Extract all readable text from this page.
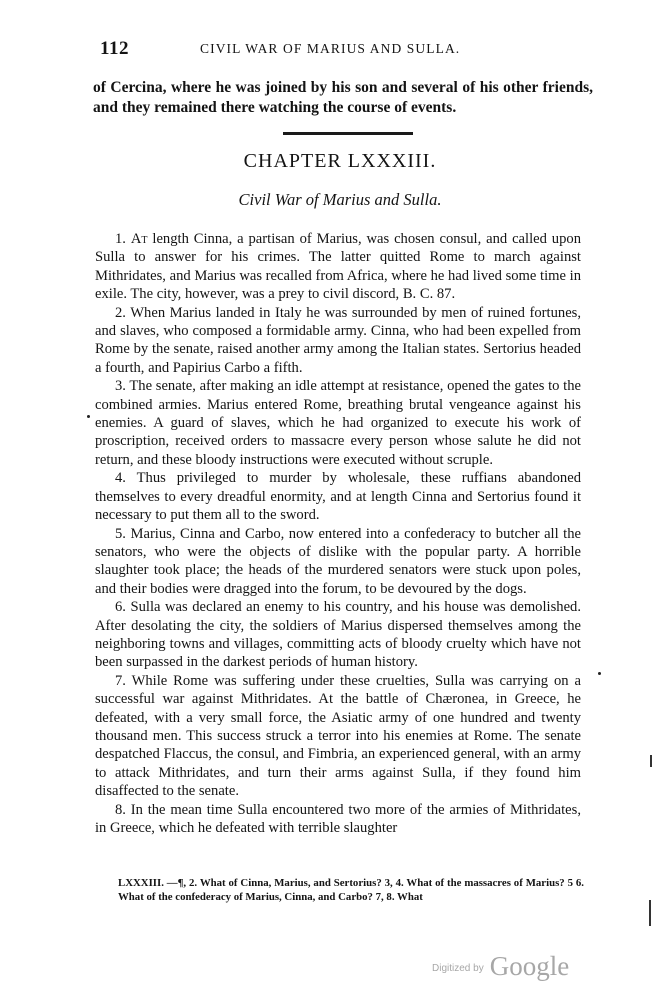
112	CIVIL WAR OF MARIUS AND SULLA.
of Cercina, where he was joined by his son and several of his other friends, and they remained there watching the course of events.
CHAPTER LXXXIII.
Civil War of Marius and Sulla.

1. At length Cinna, a partisan of Marius, was chosen consul, and called upon Sulla to answer for his crimes. The latter quitted Rome to march against Mithridates, and Marius was recalled from Africa, where he had lived some time in exile. The city, however, was a prey to civil discord, B. C. 87.

2. When Marius landed in Italy he was surrounded by men of ruined fortunes, and slaves, who composed a formidable army. Cinna, who had been expelled from Rome by the senate, raised another army among the Italian states. Sertorius headed a fourth, and Papirius Carbo a fifth.

3. The senate, after making an idle attempt at resistance, opened the gates to the combined armies. Marius entered Rome, breathing brutal vengeance against his enemies. A guard of slaves, which he had organized to execute his work of proscription, received orders to massacre every person whose salute he did not return, and these bloody instructions were executed without scruple.

4. Thus privileged to murder by wholesale, these ruffians abandoned themselves to every dreadful enormity, and at length Cinna and Sertorius found it necessary to put them all to the sword.

5. Marius, Cinna and Carbo, now entered into a confederacy to butcher all the senators, who were the objects of dislike with the popular party. A horrible slaughter took place; the heads of the murdered senators were stuck upon poles, and their bodies were dragged into the forum, to be devoured by the dogs.

6. Sulla was declared an enemy to his country, and his house was demolished. After desolating the city, the soldiers of Marius dispersed themselves among the neighboring towns and villages, committing acts of bloody cruelty which have not been surpassed in the darkest periods of human history.

7. While Rome was suffering under these cruelties, Sulla was carrying on a successful war against Mithridates. At the battle of Chæronea, in Greece, he defeated, with a very small force, the Asiatic army of one hundred and twenty thousand men. This success struck a terror into his enemies at Rome. The senate despatched Flaccus, the consul, and Fimbria, an experienced general, with an army to attack Mithridates, and turn their arms against Sulla, if they found him disaffected to the senate.

8. In the mean time Sulla encountered two more of the armies of Mithridates, in Greece, which he defeated with terrible slaughter

LXXXIII. —¶, 2. What of Cinna, Marius, and Sertorius? 3, 4. What of the massacres of Marius? 5 6. What of the confederacy of Marius, Cinna, and Carbo? 7, 8. What
$^{Digitized by}$ Google
